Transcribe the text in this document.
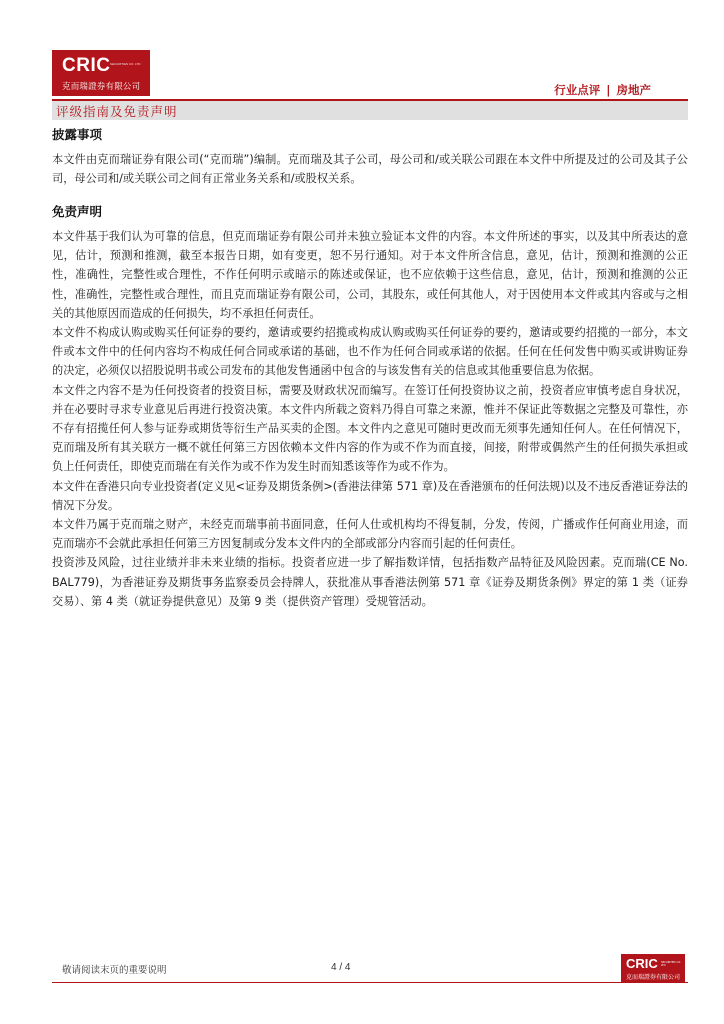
CRIC SECURITIES CO. LTD
克而瑞證券有限公司	行业点评 | 房地产
评级指南及免责声明
披露事项

本文件由克而瑞证券有限公司(“克而瑞”)编制。克而瑞及其子公司，母公司和/或关联公司跟在本文件中所提及过的公司及其子公司，母公司和/或关联公司之间有正常业务关系和/或股权关系。

免责声明

本文件基于我们认为可靠的信息，但克而瑞证券有限公司并未独立验证本文件的内容。本文件所述的事实，以及其中所表达的意见，估计，预测和推测，截至本报告日期，如有变更，恕不另行通知。对于本文件所含信息，意见，估计，预测和推测的公正性，准确性，完整性或合理性，不作任何明示或暗示的陈述或保证，也不应依赖于这些信息，意见，估计，预测和推测的公正性，准确性，完整性或合理性，而且克而瑞证券有限公司，公司，其股东，或任何其他人，对于因使用本文件或其内容或与之相关的其他原因而造成的任何损失，均不承担任何责任。

本文件不构成认购或购买任何证券的要约，邀请或要约招揽或构成认购或购买任何证券的要约，邀请或要约招揽的一部分，本文件或本文件中的任何内容均不构成任何合同或承诺的基础，也不作为任何合同或承诺的依据。任何在任何发售中购买或讲购证券的决定，必须仅以招股说明书或公司发布的其他发售通函中包含的与该发售有关的信息或其他重要信息为依据。

本文件之内容不是为任何投资者的投资目标，需要及财政状况而编写。在签订任何投资协议之前，投资者应审慎考虑自身状况，并在必要时寻求专业意见后再进行投资决策。本文件内所载之资料乃得自可靠之来源，惟并不保证此等数据之完整及可靠性，亦不存有招揽任何人参与证券或期货等衍生产品买卖的企图。本文件内之意见可随时更改而无须事先通知任何人。在任何情况下，克而瑞及所有其关联方一概不就任何第三方因依赖本文件内容的作为或不作为而直接，间接，附带或偶然产生的任何损失承担或负上任何责任，即使克而瑞在有关作为或不作为发生时而知悉该等作为或不作为。

本文件在香港只向专业投资者(定义见<证券及期货条例>(香港法律第 571 章)及在香港颁布的任何法规)以及不违反香港证券法的情况下分发。

本文件乃属于克而瑞之财产，未经克而瑞事前书面同意，任何人仕或机构均不得复制，分发，传阅，广播或作任何商业用途，而克而瑞亦不会就此承担任何第三方因复制或分发本文件内的全部或部分内容而引起的任何责任。

投资涉及风险，过往业绩并非未来业绩的指标。投资者应进一步了解指数详情，包括指数产品特征及风险因素。克而瑞(CE No. BAL779)，为香港证券及期货事务监察委员会持牌人，获批准从事香港法例第 571 章《证券及期货条例》界定的第 1 类（证券交易）、第 4 类（就证券提供意见）及第 9 类（提供资产管理）受规管活动。

敬请阅读末页的重要说明	4 / 4	CRIC SECURITIES CO. LTD
克而瑞證券有限公司
